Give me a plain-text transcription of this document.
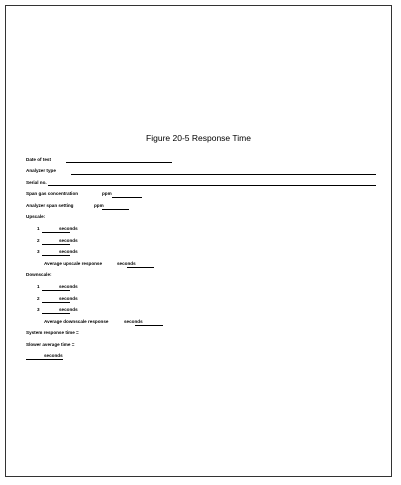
Figure 20-5 Response Time
Date of test
Analyzer type
Serial no.
Span gas concentration	ppm
Analyzer span setting	ppm
Upscale:
1	seconds
2	seconds
3	seconds
Average upscale response	seconds
Downscale:
1	seconds
2	seconds
3	seconds
Average downscale response	seconds
System response time =
Slower average time =
seconds
